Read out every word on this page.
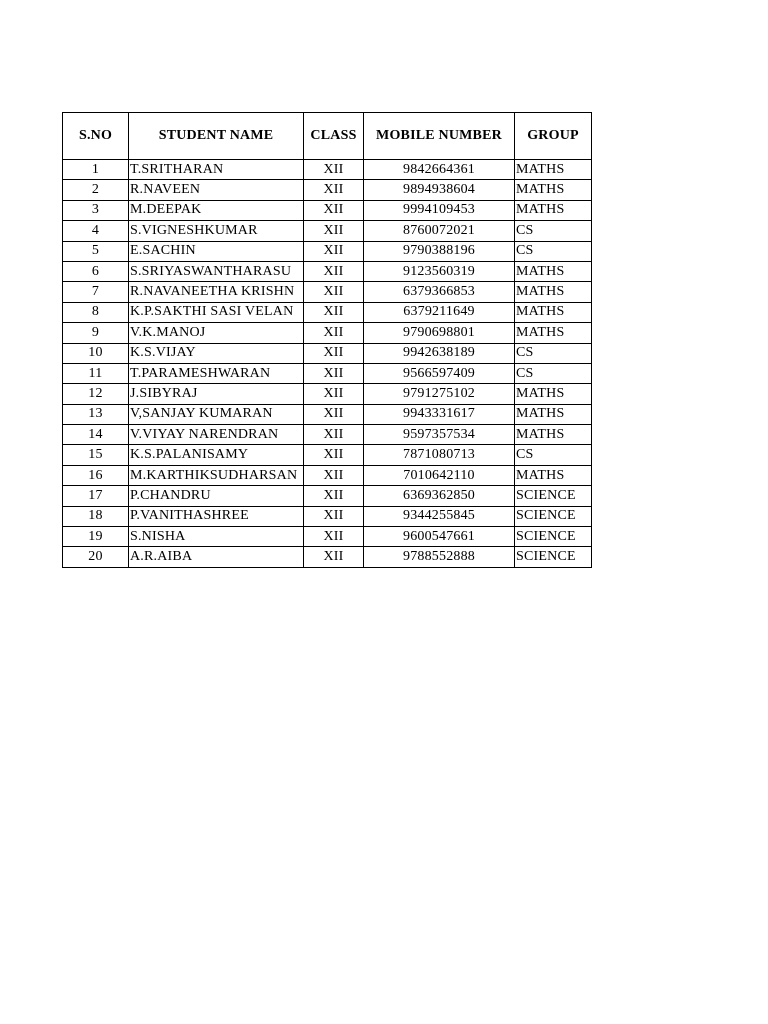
S.NO	STUDENT NAME	CLASS	MOBILE NUMBER	GROUP
1	T.SRITHARAN	XII	9842664361	MATHS
2	R.NAVEEN	XII	9894938604	MATHS
3	M.DEEPAK	XII	9994109453	MATHS
4	S.VIGNESHKUMAR	XII	8760072021	CS
5	E.SACHIN	XII	9790388196	CS
6	S.SRIYASWANTHARASU	XII	9123560319	MATHS
7	R.NAVANEETHA KRISHN	XII	6379366853	MATHS
8	K.P.SAKTHI SASI VELAN	XII	6379211649	MATHS
9	V.K.MANOJ	XII	9790698801	MATHS
10	K.S.VIJAY	XII	9942638189	CS
11	T.PARAMESHWARAN	XII	9566597409	CS
12	J.SIBYRAJ	XII	9791275102	MATHS
13	V,SANJAY KUMARAN	XII	9943331617	MATHS
14	V.VIYAY NARENDRAN	XII	9597357534	MATHS
15	K.S.PALANISAMY	XII	7871080713	CS
16	M.KARTHIKSUDHARSAN	XII	7010642110	MATHS
17	P.CHANDRU	XII	6369362850	SCIENCE
18	P.VANITHASHREE	XII	9344255845	SCIENCE
19	S.NISHA	XII	9600547661	SCIENCE
20	A.R.AIBA	XII	9788552888	SCIENCE
